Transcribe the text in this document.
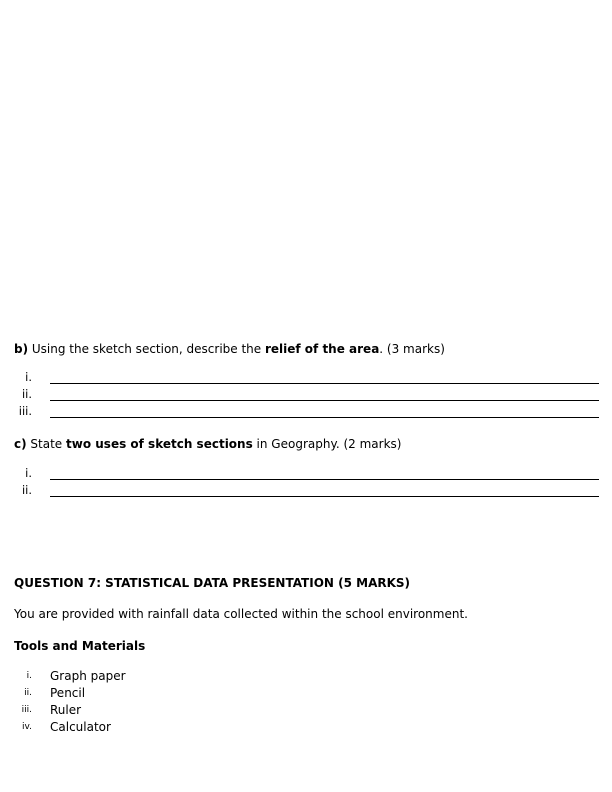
b) Using the sketch section, describe the relief of the area. (3 marks)
i.
ii.
iii.
c) State two uses of sketch sections in Geography. (2 marks)
i.
ii.
QUESTION 7: STATISTICAL DATA PRESENTATION (5 MARKS)
You are provided with rainfall data collected within the school environment.
Tools and Materials
i. Graph paper
ii. Pencil
iii. Ruler
iv. Calculator
